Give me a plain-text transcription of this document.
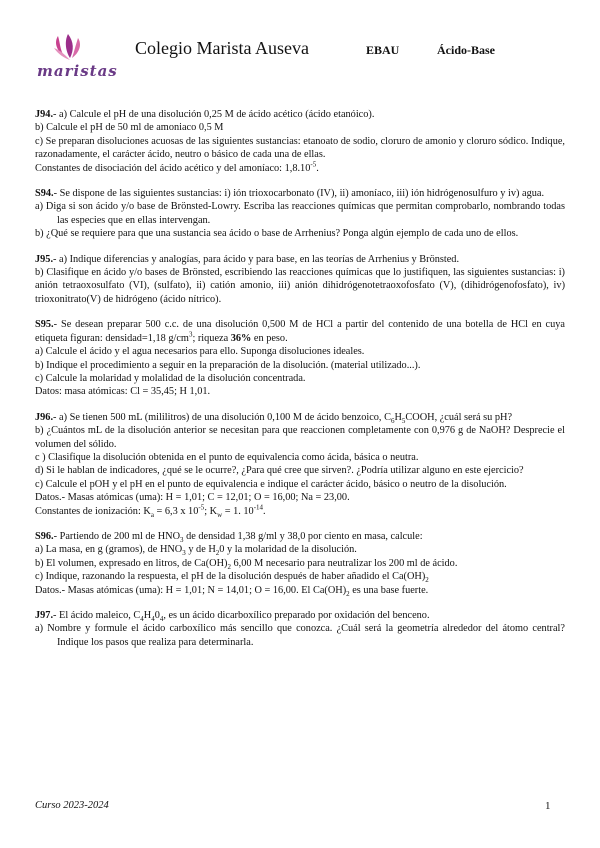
maristas
Colegio Marista Auseva	EBAU	Ácido-Base

J94.- a) Calcule el pH de una disolución 0,25 M de ácido acético (ácido etanóico).

b) Calcule el pH de 50 ml de amoniaco 0,5 M

c) Se preparan disoluciones acuosas de las siguientes sustancias: etanoato de sodio, cloruro de amonio y cloruro sódico. Indique, razonadamente, el carácter ácido, neutro o básico de cada una de ellas.

Constantes de disociación del ácido acético y del amoníaco: $1,8.10^{-5}$.

S94.- Se dispone de las siguientes sustancias: i) ión trioxocarbonato (IV), ii) amoníaco, iii) ión hidrógenosulfuro y iv) agua.

a) Diga si son ácido y/o base de Brönsted-Lowry. Escriba las reacciones químicas que permitan comprobarlo, nombrando todas las especies que en ellas intervengan.

b) ¿Qué se requiere para que una sustancia sea ácido o base de Arrhenius? Ponga algún ejemplo de cada uno de ellos.

J95.- a) Indique diferencias y analogías, para ácido y para base, en las teorías de Arrhenius y Brönsted.

b) Clasifique en ácido y/o bases de Brönsted, escribiendo las reacciones químicas que lo justifiquen, las siguientes sustancias: i) anión tetraoxosulfato (VI), (sulfato), ii) catión amonio, iii) anión dihidrógenotetraoxofosfato (V), (dihidrógenofosfato), iv) trioxonitrato(V) de hidrógeno (ácido nítrico).

S95.- Se desean preparar 500 c.c. de una disolución 0,500 M de HCl a partir del contenido de una botella de HCl en cuya etiqueta figuran: densidad=1,18 $g/cm^3$; riqueza 36% en peso.

a) Calcule el ácido y el agua necesarios para ello. Suponga disoluciones ideales.

b) Indique el procedimiento a seguir en la preparación de la disolución. (material utilizado...).

c) Calcule la molaridad y molalidad de la disolución concentrada.

Datos: masa atómicas: Cl = 35,45; H 1,01.

J96.- a) Se tienen 500 mL (mililitros) de una disolución 0,100 M de ácido benzoico, $C_6H_5COOH$, ¿cuál será su pH?

b) ¿Cuántos mL de la disolución anterior se necesitan para que reaccionen completamente con 0,976 g de NaOH? Desprecie el volumen del sólido.

c ) Clasifique la disolución obtenida en el punto de equivalencia como ácida, básica o neutra.

d) Si le hablan de indicadores, ¿qué se le ocurre?, ¿Para qué cree que sirven?. ¿Podría utilizar alguno en este ejercicio?

c) Calcule el pOH y el pH en el punto de equivalencia e indique el carácter ácido, básico o neutro de la disolución.

Datos.- Masas atómicas (uma): H = 1,01; C = 12,01; O = 16,00; Na = 23,00.

Constantes de ionización: $K_a = 6,3$ x $10^{-5}$; $K_w = 1$. $10^{-14}$.

S96.- Partiendo de 200 ml de $HNO_3$ de densidad 1,38 g/ml y 38,0 por ciento en masa, calcule:

a) La masa, en g (gramos), de $HNO_3$ y de $H_20$ y la molaridad de la disolución.

b) El volumen, expresado en litros, de $Ca(OH)_2$ 6,00 M necesario para neutralizar los 200 ml de ácido.

c) Indique, razonando la respuesta, el pH de la disolución después de haber añadido el $Ca(OH)_2$

Datos.- Masas atómicas (uma): H = 1,01; N = 14,01; O = 16,00. El $Ca(OH)_2$ es una base fuerte.

J97.- El ácido maleico, $C_4H_40_4$, es un ácido dicarboxílico preparado por oxidación del benceno.

a) Nombre y formule el ácido carboxílico más sencillo que conozca. ¿Cuál será la geometría alrededor del átomo central? Indique los pasos que realiza para determinarla.

Curso 2023-2024	1
